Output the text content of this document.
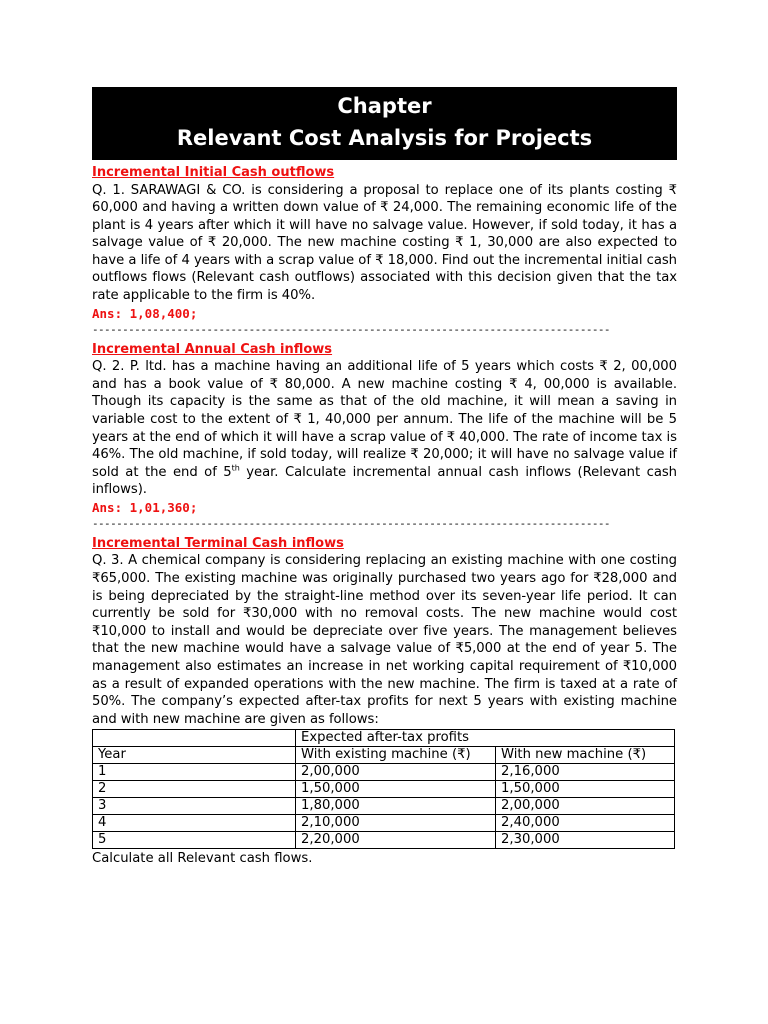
Chapter
Relevant Cost Analysis for Projects
Incremental Initial Cash outflows

Q. 1. SARAWAGI & CO. is considering a proposal to replace one of its plants costing ₹ 60,000 and having a written down value of ₹ 24,000. The remaining economic life of the plant is 4 years after which it will have no salvage value. However, if sold today, it has a salvage value of ₹ 20,000. The new machine costing ₹ 1, 30,000 are also expected to have a life of 4 years with a scrap value of ₹ 18,000. Find out the incremental initial cash outflows flows (Relevant cash outflows) associated with this decision given that the tax rate applicable to the firm is 40%.

Ans: 1,08,400;
--------------------------------------------------------------------------------------
Incremental Annual Cash inflows

Q. 2. P. ltd. has a machine having an additional life of 5 years which costs ₹ 2, 00,000 and has a book value of ₹ 80,000. A new machine costing ₹ 4, 00,000 is available. Though its capacity is the same as that of the old machine, it will mean a saving in variable cost to the extent of ₹ 1, 40,000 per annum. The life of the machine will be 5 years at the end of which it will have a scrap value of ₹ 40,000. The rate of income tax is 46%. The old machine, if sold today, will realize ₹ 20,000; it will have no salvage value if sold at the end of 5th year. Calculate incremental annual cash inflows (Relevant cash inflows).

Ans: 1,01,360;
--------------------------------------------------------------------------------------
Incremental Terminal Cash inflows

Q. 3. A chemical company is considering replacing an existing machine with one costing ₹65,000. The existing machine was originally purchased two years ago for ₹28,000 and is being depreciated by the straight-line method over its seven-year life period. It can currently be sold for ₹30,000 with no removal costs. The new machine would cost ₹10,000 to install and would be depreciate over five years. The management believes that the new machine would have a salvage value of ₹5,000 at the end of year 5. The management also estimates an increase in net working capital requirement of ₹10,000 as a result of expanded operations with the new machine. The firm is taxed at a rate of 50%. The company’s expected after-tax profits for next 5 years with existing machine and with new machine are given as follows:

	Expected after-tax profits	
Year	With existing machine (₹)	With new machine (₹)
1	2,00,000	2,16,000
2	1,50,000	1,50,000
3	1,80,000	2,00,000
4	2,10,000	2,40,000
5	2,20,000	2,30,000
Calculate all Relevant cash flows.
